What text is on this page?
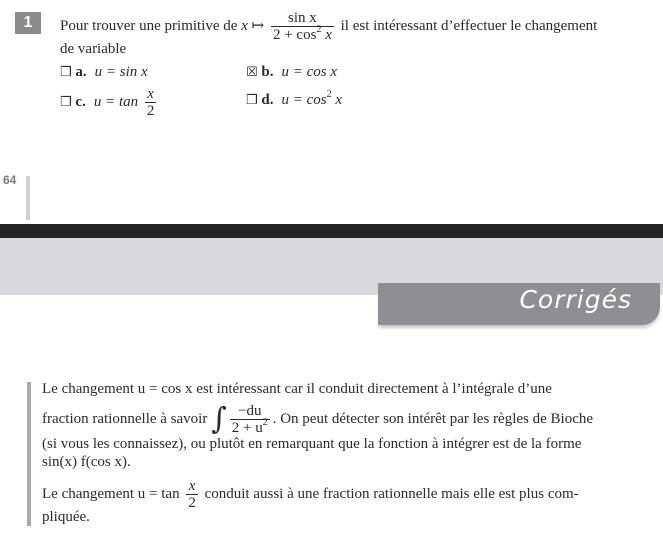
1	Pour trouver une primitive de x ↦ $\frac{\text{sin x}}{2 + \cos^2 x}$ il est intéressant d’effectuer le changement
de variable
❒ a. u = sin x	☒ b. u = cos x
❒ c. $u = \tan \frac{x}{2}$	❒ d. $u = \cos^2 x$
64
Corrigés
Le changement u = cos x est intéressant car il conduit directement à l’intégrale d’une
fraction rationnelle à savoir ∫ $\frac{-du}{2 + u^2}$ . On peut détecter son intérêt par les règles de Bioche
(si vous les connaissez), ou plutôt en remarquant que la fonction à intégrer est de la forme
sin(x) f(cos x).
Le changement $u = \tan \frac{x}{2}$ conduit aussi à une fraction rationnelle mais elle est plus com-
pliquée.
